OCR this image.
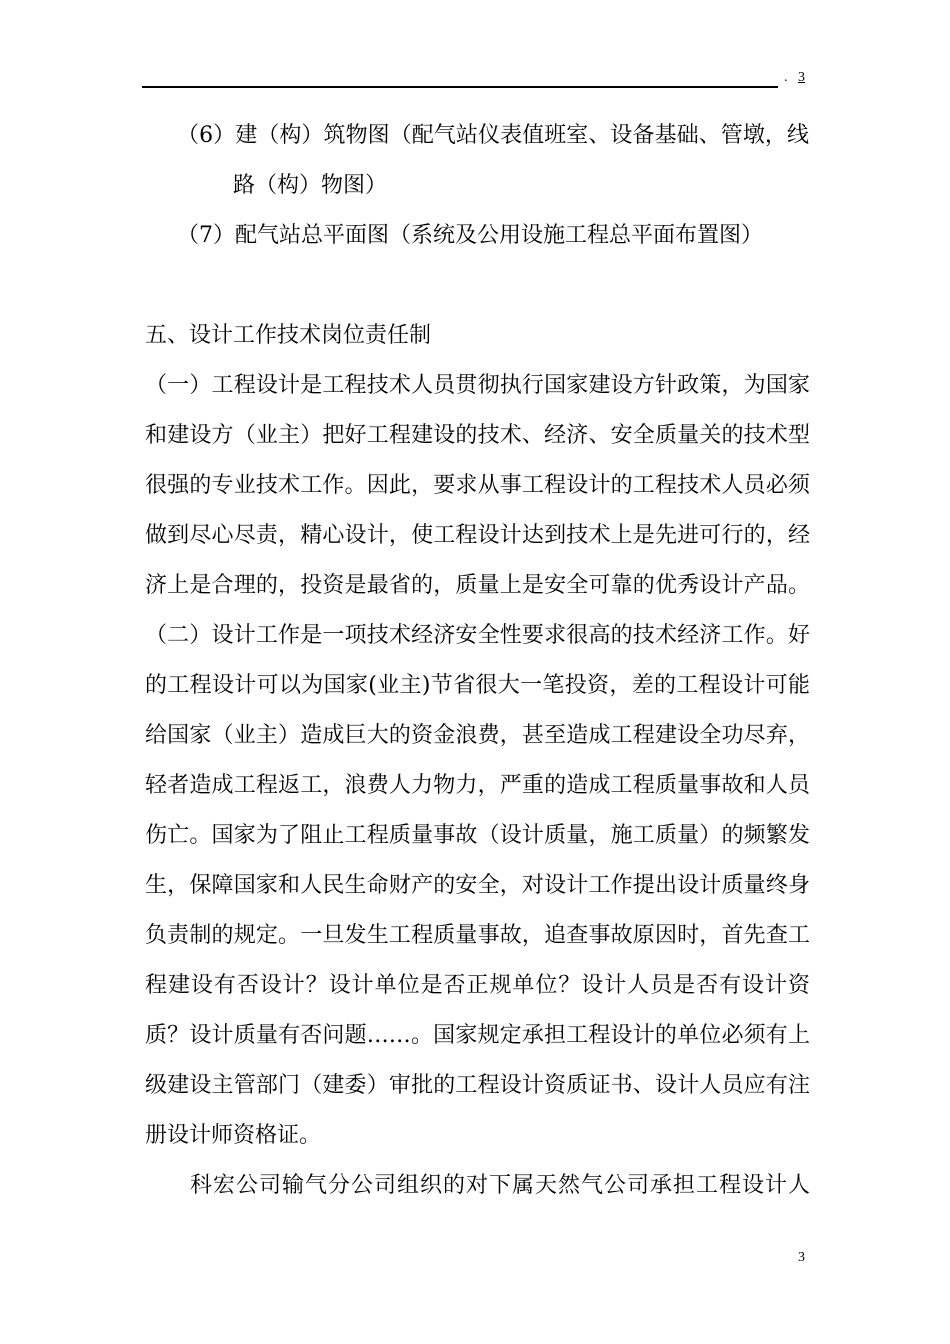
. 3
（6）建（构）筑物图（配气站仪表值班室、设备基础、管墩，线
路（构）物图）
（7）配气站总平面图（系统及公用设施工程总平面布置图）
五、设计工作技术岗位责任制
（一）工程设计是工程技术人员贯彻执行国家建设方针政策，为国家
和建设方（业主）把好工程建设的技术、经济、安全质量关的技术型
很强的专业技术工作。因此，要求从事工程设计的工程技术人员必须
做到尽心尽责，精心设计，使工程设计达到技术上是先进可行的，经
济上是合理的，投资是最省的，质量上是安全可靠的优秀设计产品。
（二）设计工作是一项技术经济安全性要求很高的技术经济工作。好
的工程设计可以为国家(业主)节省很大一笔投资，差的工程设计可能
给国家（业主）造成巨大的资金浪费，甚至造成工程建设全功尽弃，
轻者造成工程返工，浪费人力物力，严重的造成工程质量事故和人员
伤亡。国家为了阻止工程质量事故（设计质量，施工质量）的频繁发
生，保障国家和人民生命财产的安全，对设计工作提出设计质量终身
负责制的规定。一旦发生工程质量事故，追查事故原因时，首先查工
程建设有否设计？设计单位是否正规单位？设计人员是否有设计资
质？设计质量有否问题……。国家规定承担工程设计的单位必须有上
级建设主管部门（建委）审批的工程设计资质证书、设计人员应有注
册设计师资格证。
科宏公司输气分公司组织的对下属天然气公司承担工程设计人
3
